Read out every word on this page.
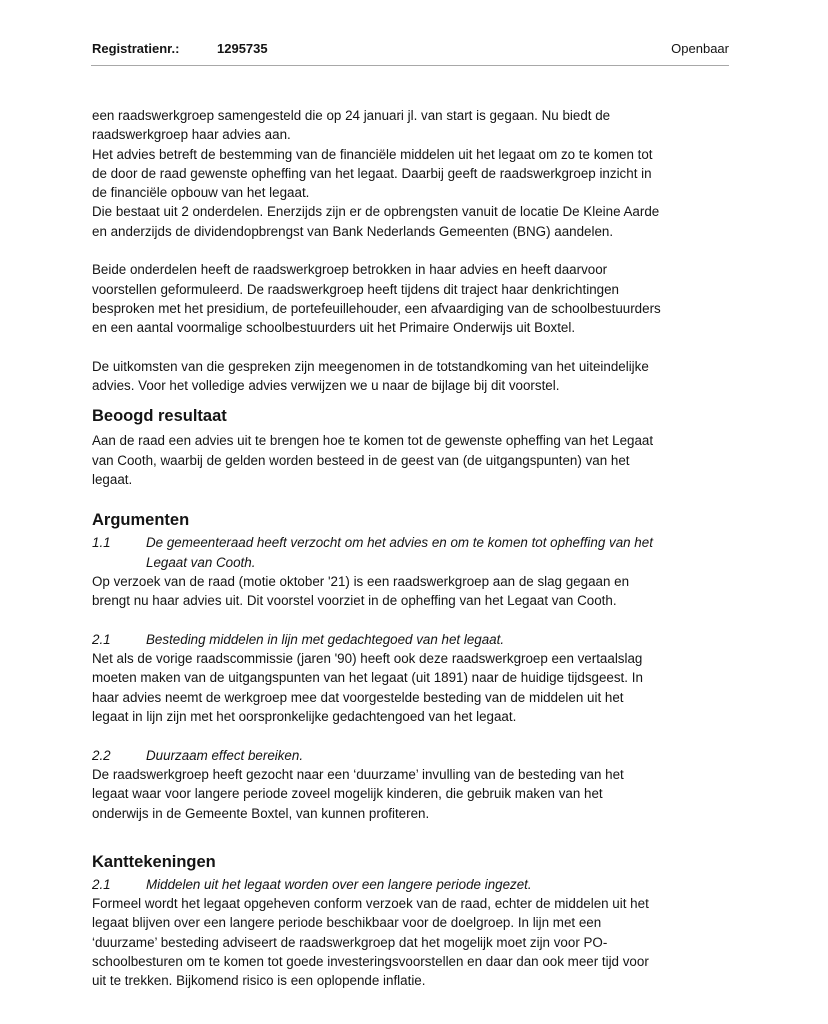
Registratienr.:	1295735	Openbaar

een raadswerkgroep samengesteld die op 24 januari jl. van start is gegaan. Nu biedt de

raadswerkgroep haar advies aan.

Het advies betreft de bestemming van de financiële middelen uit het legaat om zo te komen tot

de door de raad gewenste opheffing van het legaat. Daarbij geeft de raadswerkgroep inzicht in

de financiële opbouw van het legaat.

Die bestaat uit 2 onderdelen. Enerzijds zijn er de opbrengsten vanuit de locatie De Kleine Aarde

en anderzijds de dividendopbrengst van Bank Nederlands Gemeenten (BNG) aandelen.

Beide onderdelen heeft de raadswerkgroep betrokken in haar advies en heeft daarvoor

voorstellen geformuleerd. De raadswerkgroep heeft tijdens dit traject haar denkrichtingen

besproken met het presidium, de portefeuillehouder, een afvaardiging van de schoolbestuurders

en een aantal voormalige schoolbestuurders uit het Primaire Onderwijs uit Boxtel.

De uitkomsten van die gespreken zijn meegenomen in de totstandkoming van het uiteindelijke

advies. Voor het volledige advies verwijzen we u naar de bijlage bij dit voorstel.

Beoogd resultaat

Aan de raad een advies uit te brengen hoe te komen tot de gewenste opheffing van het Legaat

van Cooth, waarbij de gelden worden besteed in de geest van (de uitgangspunten) van het

legaat.

Argumenten
1.1	De gemeenteraad heeft verzocht om het advies en om te komen tot opheffing van het
Legaat van Cooth.

Op verzoek van de raad (motie oktober '21) is een raadswerkgroep aan de slag gegaan en

brengt nu haar advies uit. Dit voorstel voorziet in de opheffing van het Legaat van Cooth.

2.1	Besteding middelen in lijn met gedachtegoed van het legaat.

Net als de vorige raadscommissie (jaren '90) heeft ook deze raadswerkgroep een vertaalslag

moeten maken van de uitgangspunten van het legaat (uit 1891) naar de huidige tijdsgeest. In

haar advies neemt de werkgroep mee dat voorgestelde besteding van de middelen uit het

legaat in lijn zijn met het oorspronkelijke gedachtengoed van het legaat.

2.2	Duurzaam effect bereiken.

De raadswerkgroep heeft gezocht naar een ‘duurzame’ invulling van de besteding van het

legaat waar voor langere periode zoveel mogelijk kinderen, die gebruik maken van het

onderwijs in de Gemeente Boxtel, van kunnen profiteren.

Kanttekeningen
2.1	Middelen uit het legaat worden over een langere periode ingezet.

Formeel wordt het legaat opgeheven conform verzoek van de raad, echter de middelen uit het

legaat blijven over een langere periode beschikbaar voor de doelgroep. In lijn met een

‘duurzame’ besteding adviseert de raadswerkgroep dat het mogelijk moet zijn voor PO-

schoolbesturen om te komen tot goede investeringsvoorstellen en daar dan ook meer tijd voor

uit te trekken. Bijkomend risico is een oplopende inflatie.
